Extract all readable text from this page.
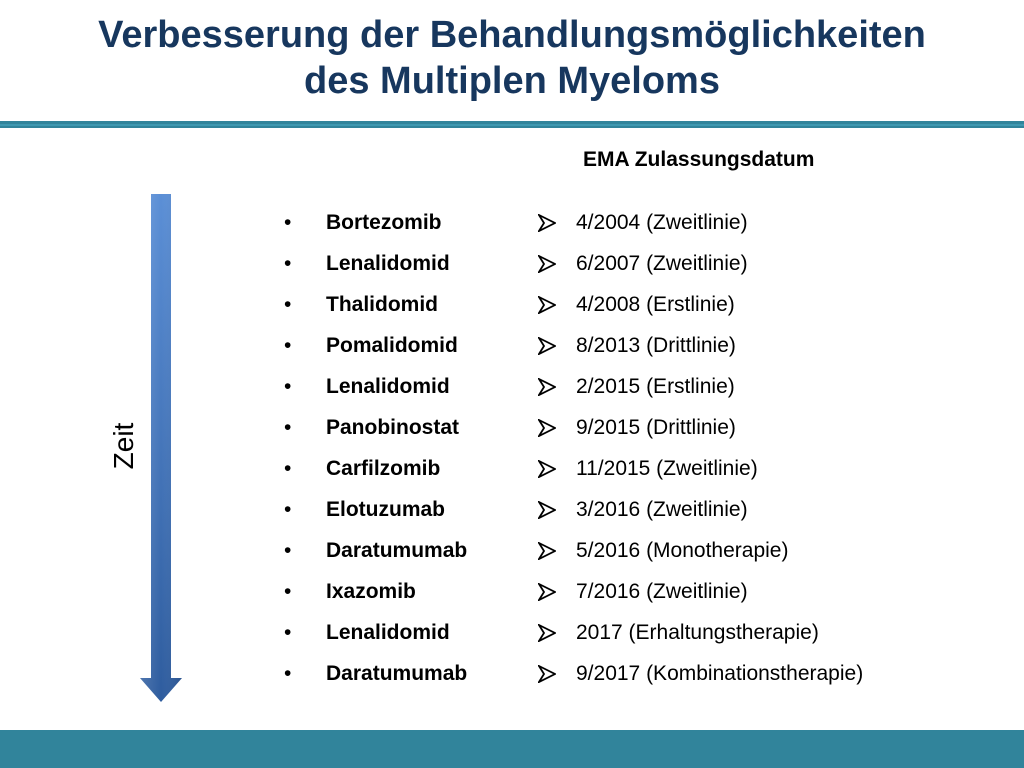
Verbesserung der Behandlungsmöglichkeiten
des Multiplen Myeloms
EMA Zulassungsdatum
Zeit
•	Bortezomib	4/2004 (Zweitlinie)
•	Lenalidomid	6/2007 (Zweitlinie)
•	Thalidomid	4/2008 (Erstlinie)
•	Pomalidomid	8/2013 (Drittlinie)
•	Lenalidomid	2/2015 (Erstlinie)
•	Panobinostat	9/2015 (Drittlinie)
•	Carfilzomib	11/2015 (Zweitlinie)
•	Elotuzumab	3/2016 (Zweitlinie)
•	Daratumumab	5/2016 (Monotherapie)
•	Ixazomib	7/2016 (Zweitlinie)
•	Lenalidomid	2017 (Erhaltungstherapie)
•	Daratumumab	9/2017 (Kombinationstherapie)
